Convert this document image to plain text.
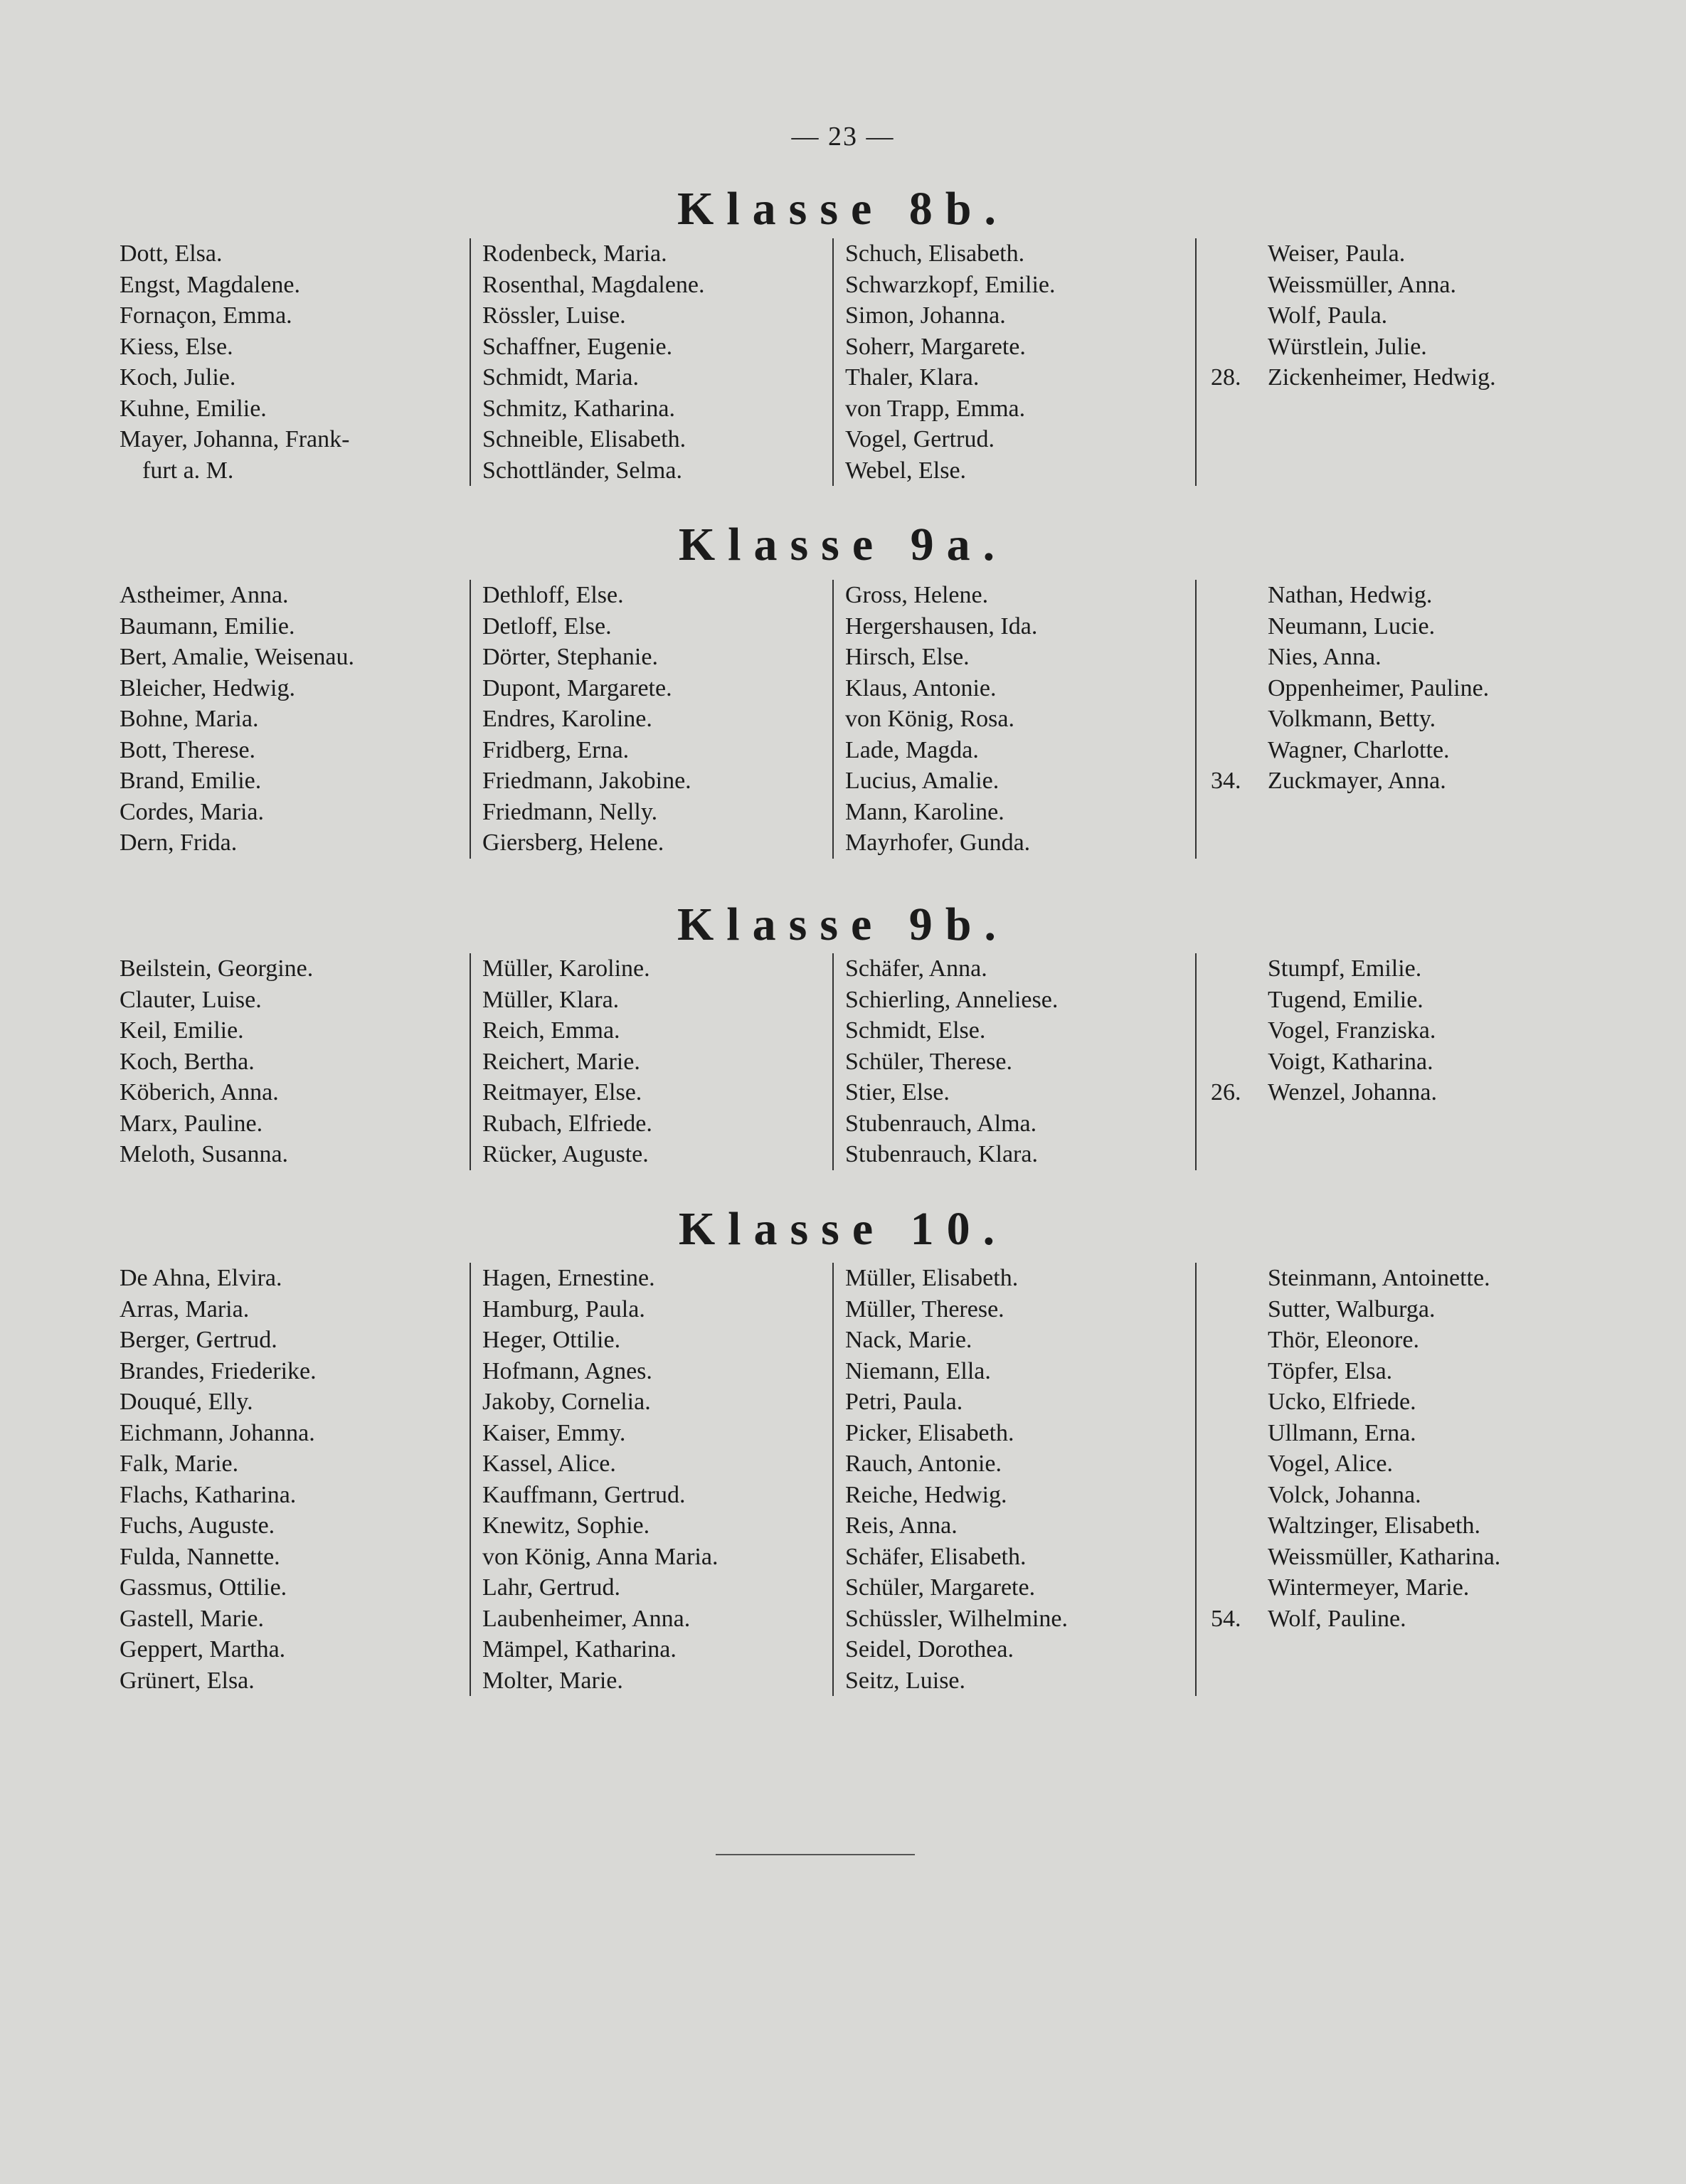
— 23 —
Klasse 8b.
Dott, Elsa.
Engst, Magdalene.
Fornaçon, Emma.
Kiess, Else.
Koch, Julie.
Kuhne, Emilie.
Mayer, Johanna, Frank-
furt a. M.
Rodenbeck, Maria.
Rosenthal, Magdalene.
Rössler, Luise.
Schaffner, Eugenie.
Schmidt, Maria.
Schmitz, Katharina.
Schneible, Elisabeth.
Schottländer, Selma.
Schuch, Elisabeth.
Schwarzkopf, Emilie.
Simon, Johanna.
Soherr, Margarete.
Thaler, Klara.
von Trapp, Emma.
Vogel, Gertrud.
Webel, Else.
Weiser, Paula.
Weissmüller, Anna.
Wolf, Paula.
Würstlein, Julie.
Zickenheimer, Hedwig.
28.
Klasse 9a.
Astheimer, Anna.
Baumann, Emilie.
Bert, Amalie, Weisenau.
Bleicher, Hedwig.
Bohne, Maria.
Bott, Therese.
Brand, Emilie.
Cordes, Maria.
Dern, Frida.
Dethloff, Else.
Detloff, Else.
Dörter, Stephanie.
Dupont, Margarete.
Endres, Karoline.
Fridberg, Erna.
Friedmann, Jakobine.
Friedmann, Nelly.
Giersberg, Helene.
Gross, Helene.
Hergershausen, Ida.
Hirsch, Else.
Klaus, Antonie.
von König, Rosa.
Lade, Magda.
Lucius, Amalie.
Mann, Karoline.
Mayrhofer, Gunda.
Nathan, Hedwig.
Neumann, Lucie.
Nies, Anna.
Oppenheimer, Pauline.
Volkmann, Betty.
Wagner, Charlotte.
Zuckmayer, Anna.
34.
Klasse 9b.
Beilstein, Georgine.
Clauter, Luise.
Keil, Emilie.
Koch, Bertha.
Köberich, Anna.
Marx, Pauline.
Meloth, Susanna.
Müller, Karoline.
Müller, Klara.
Reich, Emma.
Reichert, Marie.
Reitmayer, Else.
Rubach, Elfriede.
Rücker, Auguste.
Schäfer, Anna.
Schierling, Anneliese.
Schmidt, Else.
Schüler, Therese.
Stier, Else.
Stubenrauch, Alma.
Stubenrauch, Klara.
Stumpf, Emilie.
Tugend, Emilie.
Vogel, Franziska.
Voigt, Katharina.
Wenzel, Johanna.
26.
Klasse 10.
De Ahna, Elvira.
Arras, Maria.
Berger, Gertrud.
Brandes, Friederike.
Douqué, Elly.
Eichmann, Johanna.
Falk, Marie.
Flachs, Katharina.
Fuchs, Auguste.
Fulda, Nannette.
Gassmus, Ottilie.
Gastell, Marie.
Geppert, Martha.
Grünert, Elsa.
Hagen, Ernestine.
Hamburg, Paula.
Heger, Ottilie.
Hofmann, Agnes.
Jakoby, Cornelia.
Kaiser, Emmy.
Kassel, Alice.
Kauffmann, Gertrud.
Knewitz, Sophie.
von König, Anna Maria.
Lahr, Gertrud.
Laubenheimer, Anna.
Mämpel, Katharina.
Molter, Marie.
Müller, Elisabeth.
Müller, Therese.
Nack, Marie.
Niemann, Ella.
Petri, Paula.
Picker, Elisabeth.
Rauch, Antonie.
Reiche, Hedwig.
Reis, Anna.
Schäfer, Elisabeth.
Schüler, Margarete.
Schüssler, Wilhelmine.
Seidel, Dorothea.
Seitz, Luise.
Steinmann, Antoinette.
Sutter, Walburga.
Thör, Eleonore.
Töpfer, Elsa.
Ucko, Elfriede.
Ullmann, Erna.
Vogel, Alice.
Volck, Johanna.
Waltzinger, Elisabeth.
Weissmüller, Katharina.
Wintermeyer, Marie.
Wolf, Pauline.
54.
